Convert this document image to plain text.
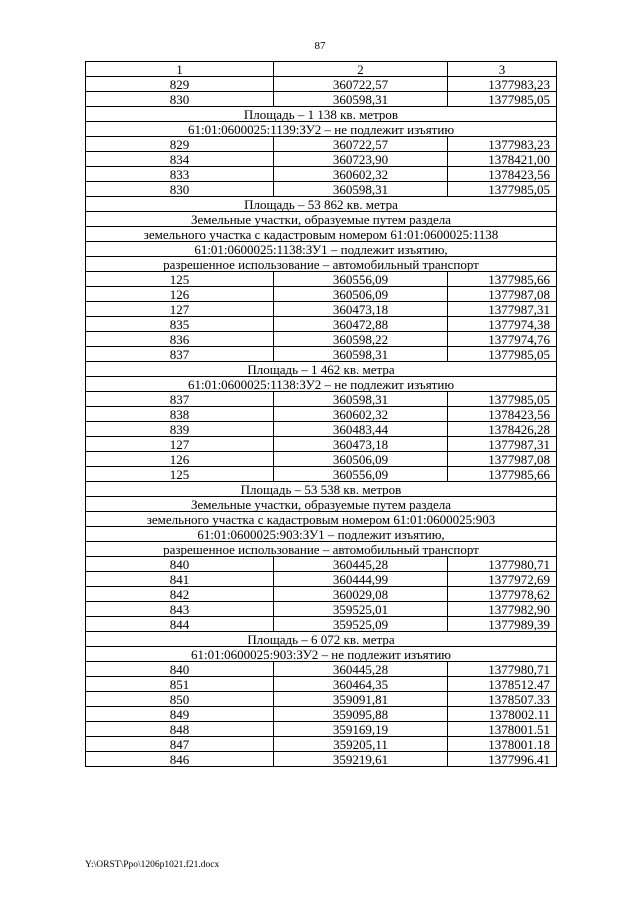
87
1	2	3
829	360722,57	1377983,23
830	360598,31	1377985,05
Площадь – 1 138 кв. метров		
61:01:0600025:1139:ЗУ2 – не подлежит изъятию		
829	360722,57	1377983,23
834	360723,90	1378421,00
833	360602,32	1378423,56
830	360598,31	1377985,05
Площадь – 53 862 кв. метра		
Земельные участки, образуемые путем раздела		
земельного участка с кадастровым номером 61:01:0600025:1138		
61:01:0600025:1138:ЗУ1 – подлежит изъятию,		
разрешенное использование – автомобильный транспорт		
125	360556,09	1377985,66
126	360506,09	1377987,08
127	360473,18	1377987,31
835	360472,88	1377974,38
836	360598,22	1377974,76
837	360598,31	1377985,05
Площадь – 1 462 кв. метра		
61:01:0600025:1138:ЗУ2 – не подлежит изъятию		
837	360598,31	1377985,05
838	360602,32	1378423,56
839	360483,44	1378426,28
127	360473,18	1377987,31
126	360506,09	1377987,08
125	360556,09	1377985,66
Площадь – 53 538 кв. метров		
Земельные участки, образуемые путем раздела		
земельного участка с кадастровым номером 61:01:0600025:903		
61:01:0600025:903:ЗУ1 – подлежит изъятию,		
разрешенное использование – автомобильный транспорт		
840	360445,28	1377980,71
841	360444,99	1377972,69
842	360029,08	1377978,62
843	359525,01	1377982,90
844	359525,09	1377989,39
Площадь – 6 072 кв. метра		
61:01:0600025:903:ЗУ2 – не подлежит изъятию		
840	360445,28	1377980,71
851	360464,35	1378512.47
850	359091,81	1378507.33
849	359095,88	1378002.11
848	359169,19	1378001.51
847	359205,11	1378001.18
846	359219,61	1377996.41
Y:\ORST\Ppo\1206p1021.f21.docx
